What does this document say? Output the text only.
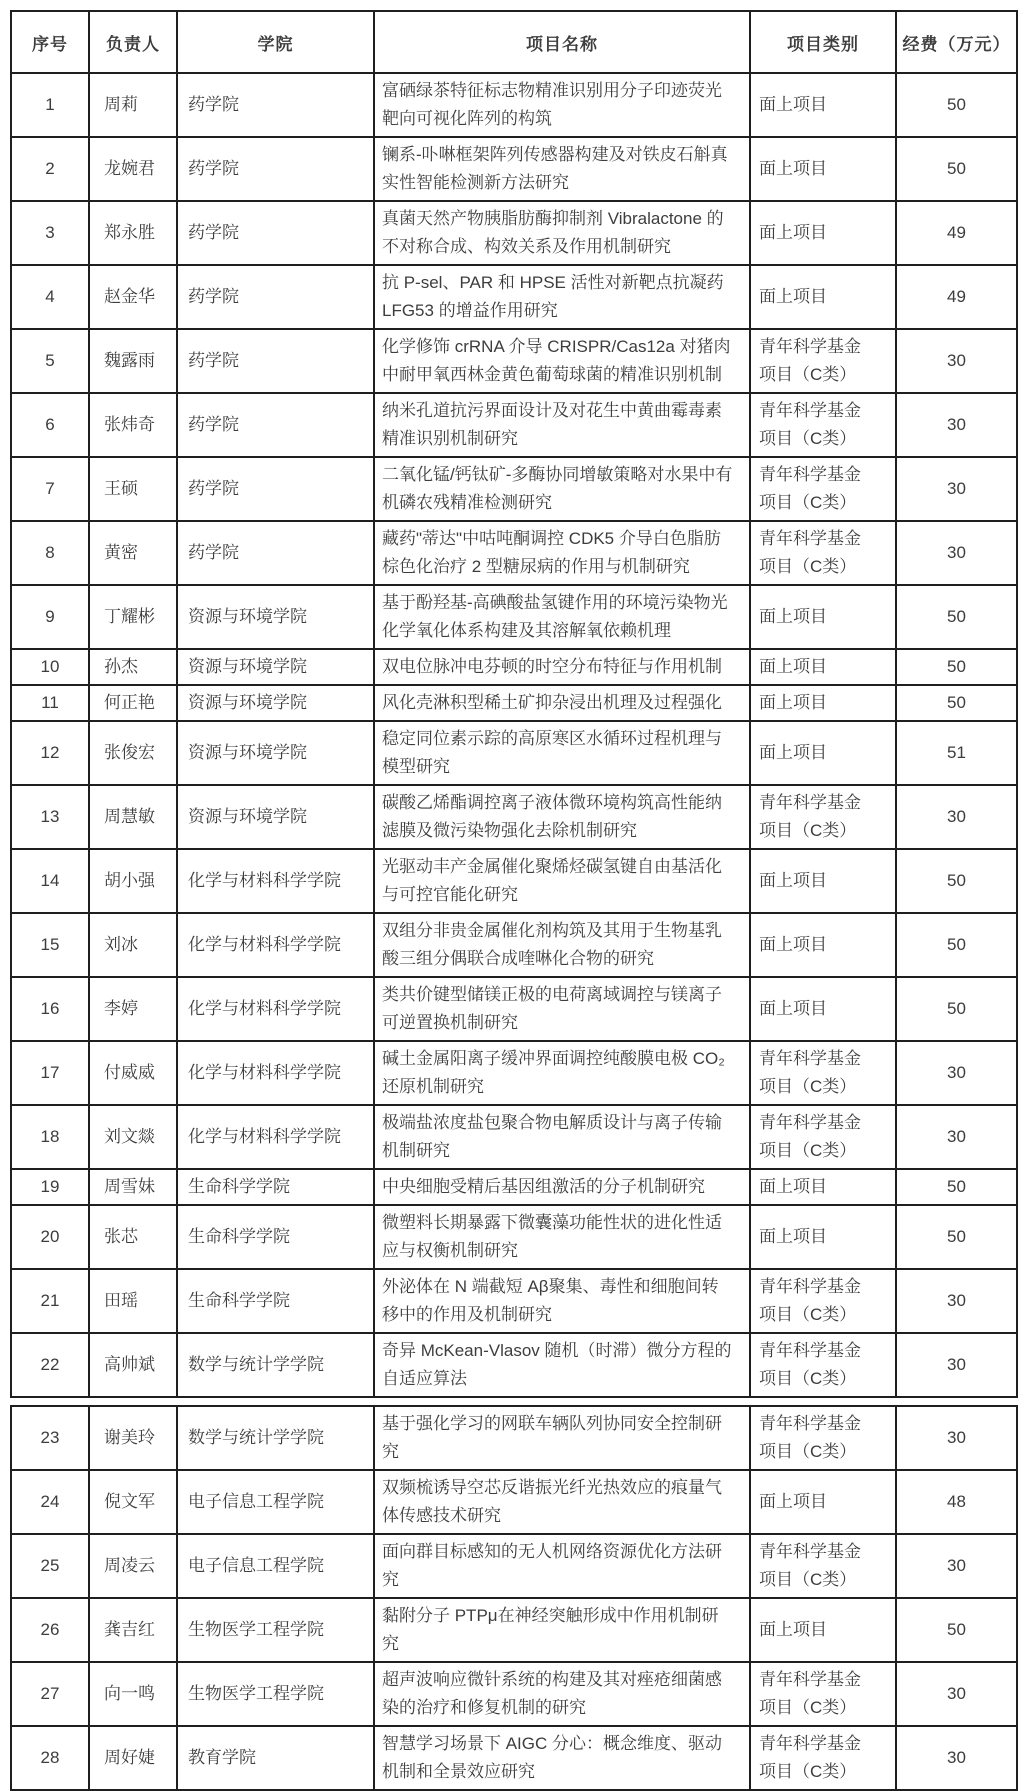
序号	负责人	学院	项目名称	项目类别	经费（万元）
1	周莉	药学院	富硒绿茶特征标志物精准识别用分子印迹荧光靶向可视化阵列的构筑	面上项目	50
2	龙婉君	药学院	镧系-卟啉框架阵列传感器构建及对铁皮石斛真实性智能检测新方法研究	面上项目	50
3	郑永胜	药学院	真菌天然产物胰脂肪酶抑制剂 Vibralactone 的不对称合成、构效关系及作用机制研究	面上项目	49
4	赵金华	药学院	抗 P-sel、PAR 和 HPSE 活性对新靶点抗凝药 LFG53 的增益作用研究	面上项目	49
5	魏露雨	药学院	化学修饰 crRNA 介导 CRISPR/Cas12a 对猪肉中耐甲氧西林金黄色葡萄球菌的精准识别机制	青年科学基金项目（C类）	30
6	张炜奇	药学院	纳米孔道抗污界面设计及对花生中黄曲霉毒素精准识别机制研究	青年科学基金项目（C类）	30
7	王硕	药学院	二氧化锰/钙钛矿-多酶协同增敏策略对水果中有机磷农残精准检测研究	青年科学基金项目（C类）	30
8	黄密	药学院	藏药"蒂达"中咕吨酮调控 CDK5 介导白色脂肪棕色化治疗 2 型糖尿病的作用与机制研究	青年科学基金项目（C类）	30
9	丁耀彬	资源与环境学院	基于酚羟基-高碘酸盐氢键作用的环境污染物光化学氧化体系构建及其溶解氧依赖机理	面上项目	50
10	孙杰	资源与环境学院	双电位脉冲电芬顿的时空分布特征与作用机制	面上项目	50
11	何正艳	资源与环境学院	风化壳淋积型稀土矿抑杂浸出机理及过程强化	面上项目	50
12	张俊宏	资源与环境学院	稳定同位素示踪的高原寒区水循环过程机理与模型研究	面上项目	51
13	周慧敏	资源与环境学院	碳酸乙烯酯调控离子液体微环境构筑高性能纳滤膜及微污染物强化去除机制研究	青年科学基金项目（C类）	30
14	胡小强	化学与材料科学学院	光驱动丰产金属催化聚烯烃碳氢键自由基活化与可控官能化研究	面上项目	50
15	刘冰	化学与材料科学学院	双组分非贵金属催化剂构筑及其用于生物基乳酸三组分偶联合成喹啉化合物的研究	面上项目	50
16	李婷	化学与材料科学学院	类共价键型储镁正极的电荷离域调控与镁离子可逆置换机制研究	面上项目	50
17	付威威	化学与材料科学学院	碱土金属阳离子缓冲界面调控纯酸膜电极 CO₂ 还原机制研究	青年科学基金项目（C类）	30
18	刘文燚	化学与材料科学学院	极端盐浓度盐包聚合物电解质设计与离子传输机制研究	青年科学基金项目（C类）	30
19	周雪妹	生命科学学院	中央细胞受精后基因组激活的分子机制研究	面上项目	50
20	张芯	生命科学学院	微塑料长期暴露下微囊藻功能性状的进化性适应与权衡机制研究	面上项目	50
21	田瑶	生命科学学院	外泌体在 N 端截短 Aβ聚集、毒性和细胞间转移中的作用及机制研究	青年科学基金项目（C类）	30
22	高帅斌	数学与统计学学院	奇异 McKean-Vlasov 随机（时滞）微分方程的自适应算法	青年科学基金项目（C类）	30
23	谢美玲	数学与统计学学院	基于强化学习的网联车辆队列协同安全控制研究	青年科学基金项目（C类）	30
24	倪文军	电子信息工程学院	双频梳诱导空芯反谐振光纤光热效应的痕量气体传感技术研究	面上项目	48
25	周凌云	电子信息工程学院	面向群目标感知的无人机网络资源优化方法研究	青年科学基金项目（C类）	30
26	龚吉红	生物医学工程学院	黏附分子 PTPμ在神经突触形成中作用机制研究	面上项目	50
27	向一鸣	生物医学工程学院	超声波响应微针系统的构建及其对痤疮细菌感染的治疗和修复机制的研究	青年科学基金项目（C类）	30
28	周好婕	教育学院	智慧学习场景下 AIGC 分心：概念维度、驱动机制和全景效应研究	青年科学基金项目（C类）	30
